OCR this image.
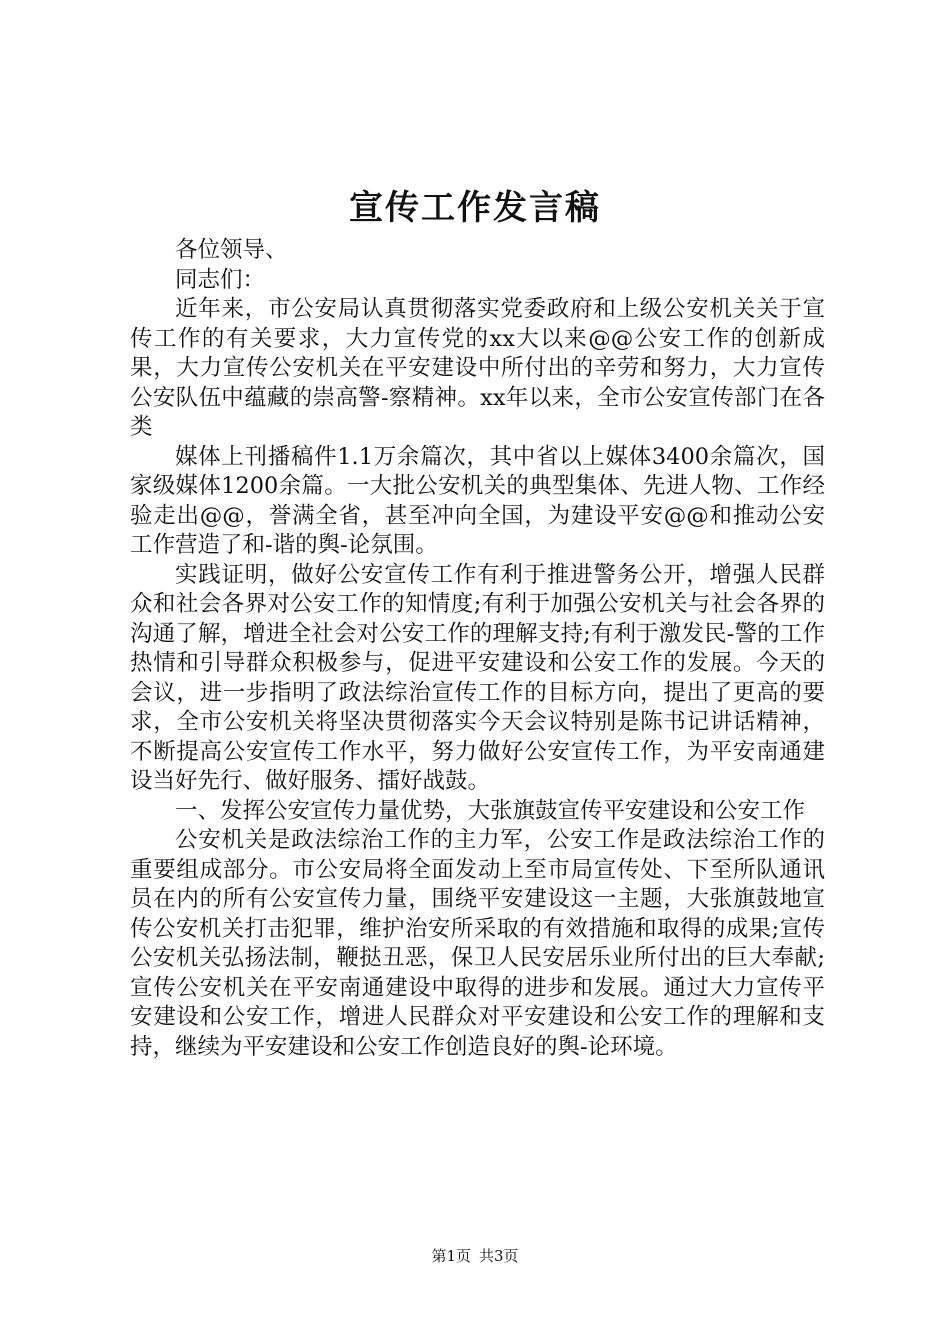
宣传工作发言稿

各位领导、

同志们：

近年来，市公安局认真贯彻落实党委政府和上级公安机关关于宣传工作的有关要求，大力宣传党的xx大以来@@公安工作的创新成果，大力宣传公安机关在平安建设中所付出的辛劳和努力，大力宣传公安队伍中蕴藏的崇高警-察精神。xx年以来，全市公安宣传部门在各类

媒体上刊播稿件1.1万余篇次，其中省以上媒体3400余篇次，国家级媒体1200余篇。一大批公安机关的典型集体、先进人物、工作经验走出@@，誉满全省，甚至冲向全国，为建设平安@@和推动公安工作营造了和-谐的舆-论氛围。

实践证明，做好公安宣传工作有利于推进警务公开，增强人民群众和社会各界对公安工作的知情度;有利于加强公安机关与社会各界的沟通了解，增进全社会对公安工作的理解支持;有利于激发民-警的工作热情和引导群众积极参与，促进平安建设和公安工作的发展。今天的会议，进一步指明了政法综治宣传工作的目标方向，提出了更高的要求，全市公安机关将坚决贯彻落实今天会议特别是陈书记讲话精神，不断提高公安宣传工作水平，努力做好公安宣传工作，为平安南通建设当好先行、做好服务、擂好战鼓。

一、发挥公安宣传力量优势，大张旗鼓宣传平安建设和公安工作

公安机关是政法综治工作的主力军，公安工作是政法综治工作的重要组成部分。市公安局将全面发动上至市局宣传处、下至所队通讯员在内的所有公安宣传力量，围绕平安建设这一主题，大张旗鼓地宣传公安机关打击犯罪，维护治安所采取的有效措施和取得的成果;宣传公安机关弘扬法制，鞭挞丑恶，保卫人民安居乐业所付出的巨大奉献;宣传公安机关在平安南通建设中取得的进步和发展。通过大力宣传平安建设和公安工作，增进人民群众对平安建设和公安工作的理解和支持，继续为平安建设和公安工作创造良好的舆-论环境。

第1页 共3页
